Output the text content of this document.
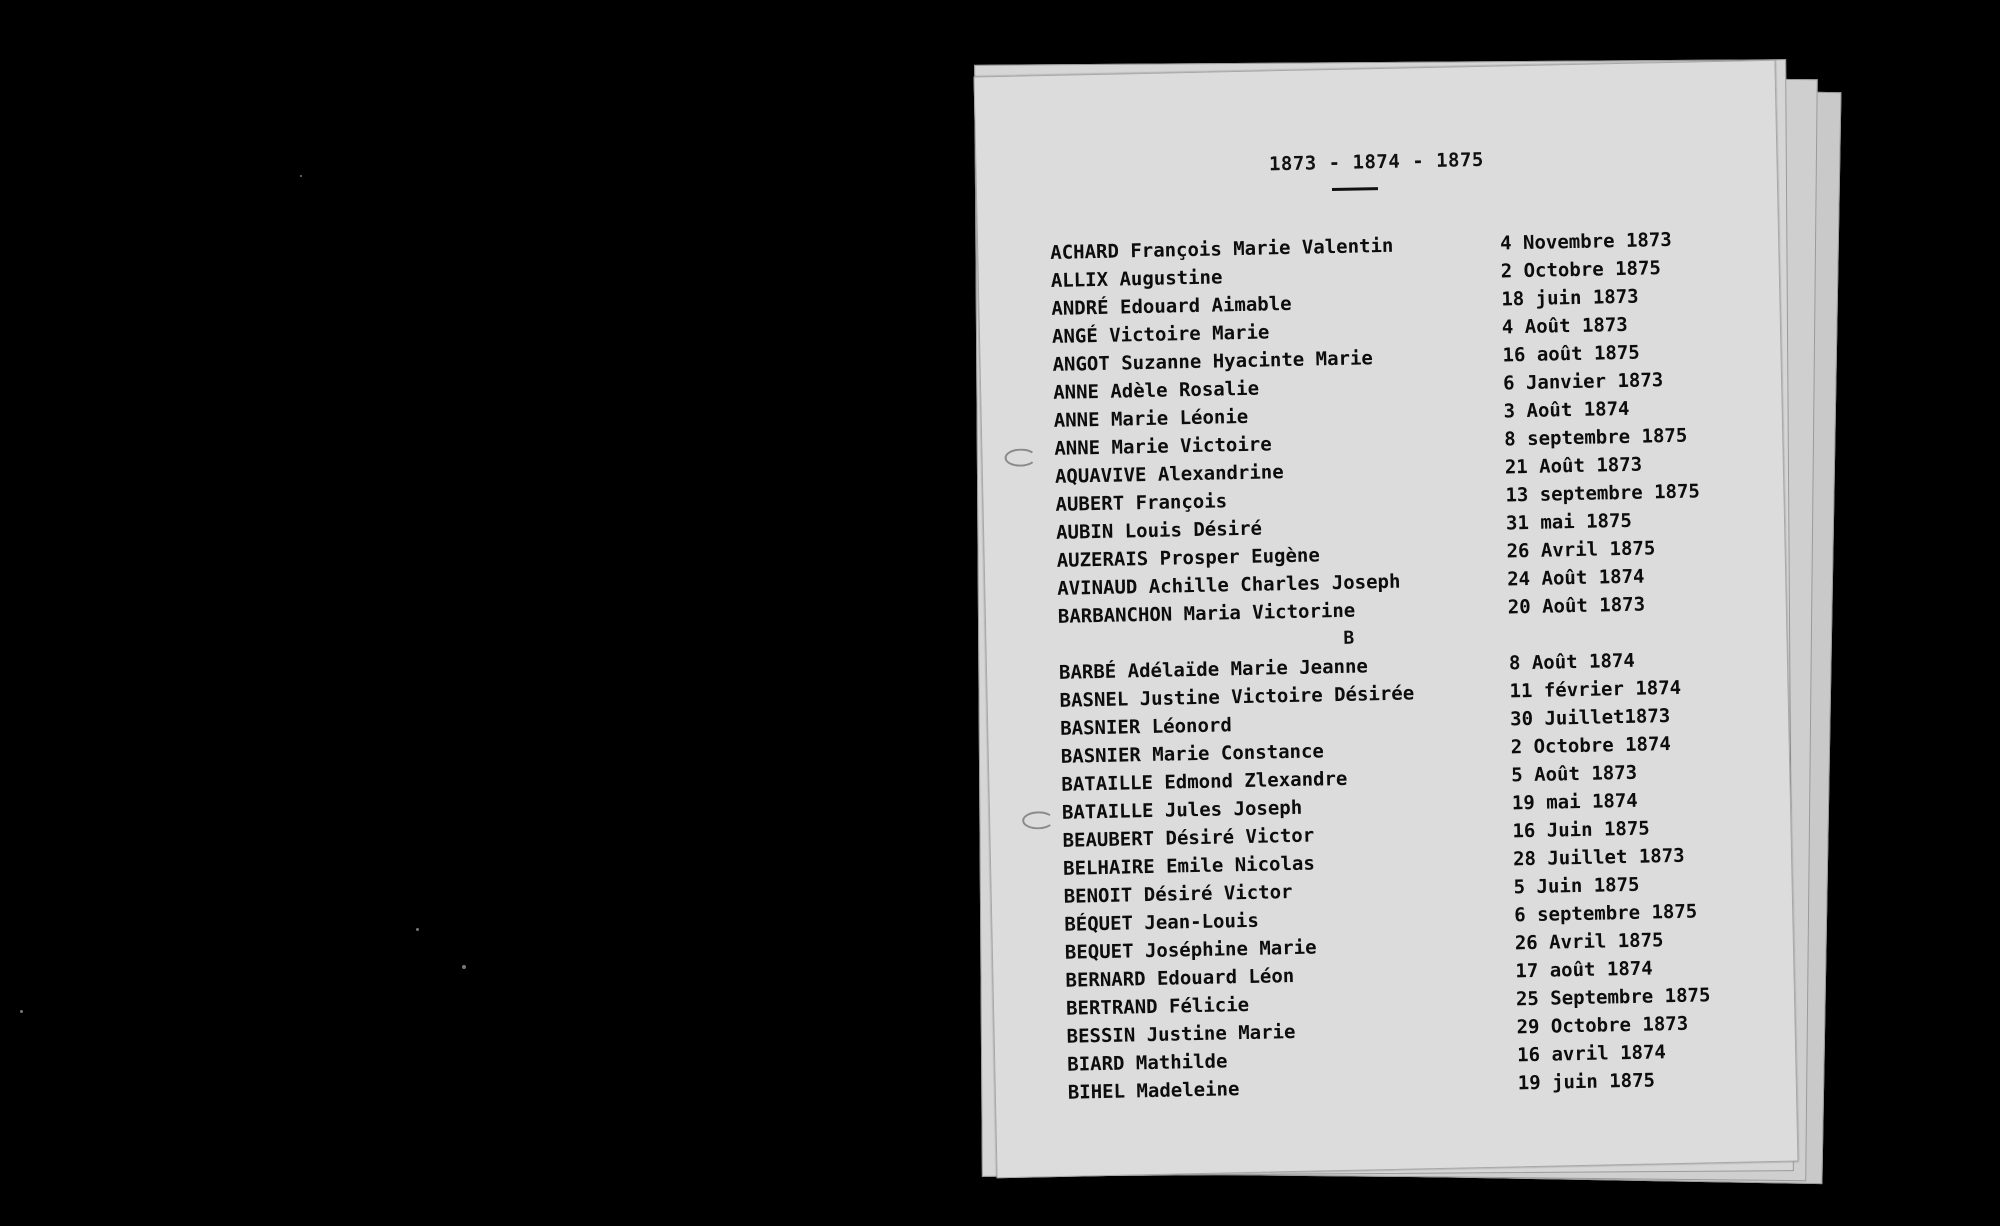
1873 - 1874 - 1875
ACHARD François Marie Valentin	4 Novembre 1873
ALLIX Augustine	2 Octobre 1875
ANDRÉ Edouard Aimable	18 juin 1873
ANGÉ Victoire Marie	4 Août 1873
ANGOT Suzanne Hyacinte Marie	16 août 1875
ANNE Adèle Rosalie	6 Janvier 1873
ANNE Marie Léonie	3 Août 1874
ANNE Marie Victoire	8 septembre 1875
AQUAVIVE Alexandrine	21 Août 1873
AUBERT François	13 septembre 1875
AUBIN Louis Désiré	31 mai 1875
AUZERAIS Prosper Eugène	26 Avril 1875
AVINAUD Achille Charles Joseph	24 Août 1874
BARBANCHON Maria Victorine	20 Août 1873
B
BARBÉ Adélaïde Marie Jeanne	8 Août 1874
BASNEL Justine Victoire Désirée	11 février 1874
BASNIER Léonord	30 Juillet1873
BASNIER Marie Constance	2 Octobre 1874
BATAILLE Edmond Zlexandre	5 Août 1873
BATAILLE Jules Joseph	19 mai 1874
BEAUBERT Désiré Victor	16 Juin 1875
BELHAIRE Emile Nicolas	28 Juillet 1873
BENOIT Désiré Victor	5 Juin 1875
BÉQUET Jean-Louis	6 septembre 1875
BEQUET Joséphine Marie	26 Avril 1875
BERNARD Edouard Léon	17 août 1874
BERTRAND Félicie	25 Septembre 1875
BESSIN Justine Marie	29 Octobre 1873
BIARD Mathilde	16 avril 1874
BIHEL Madeleine	19 juin 1875
